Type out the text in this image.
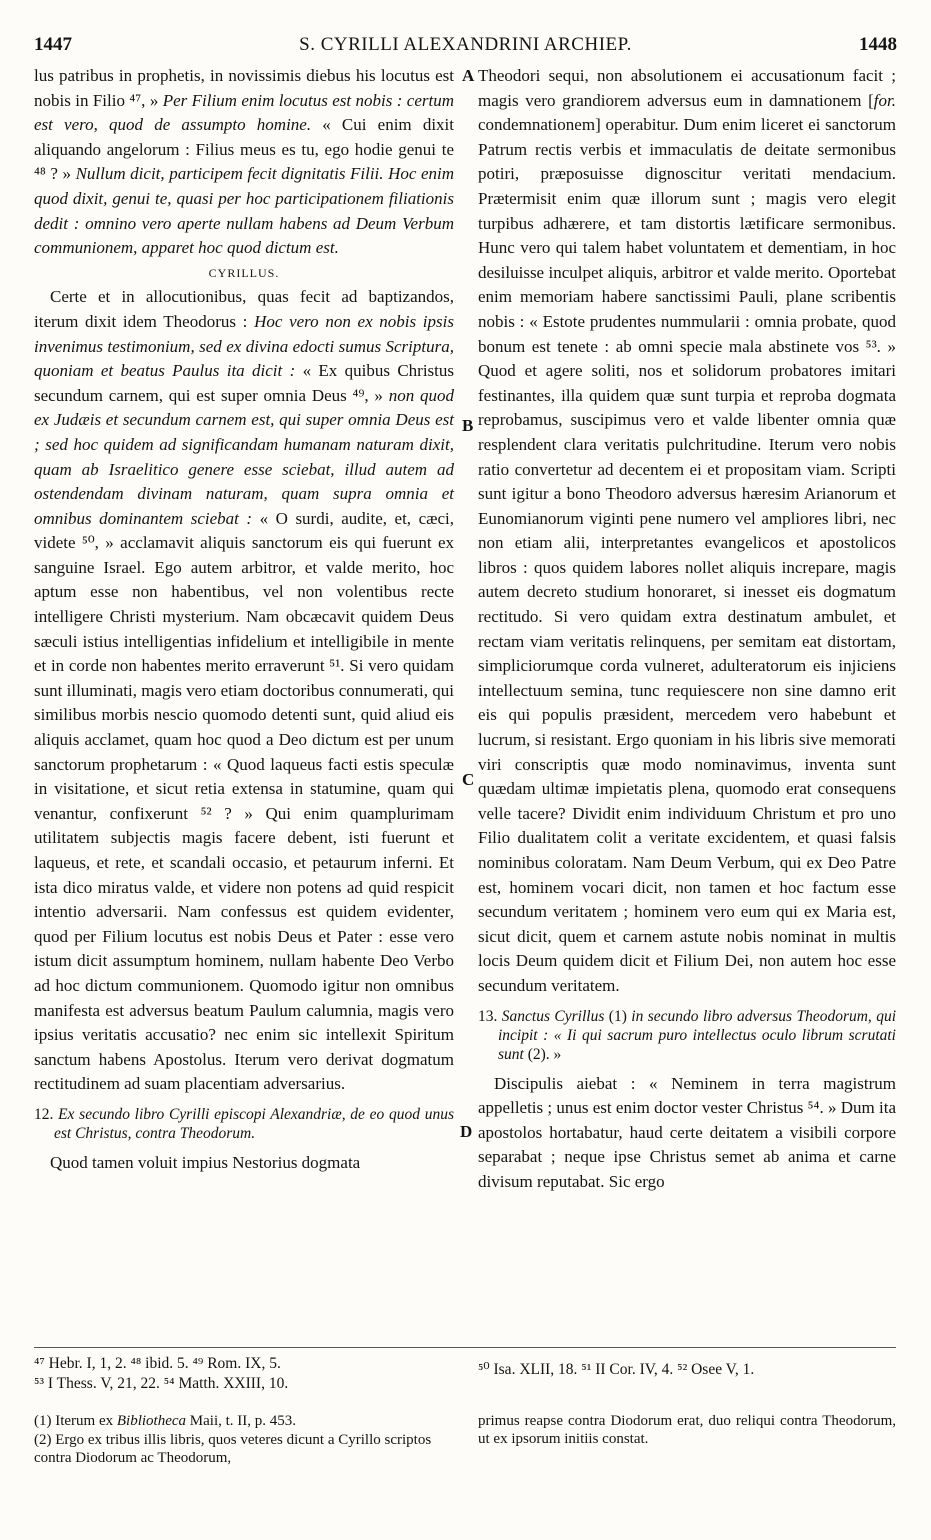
1447	S. CYRILLI ALEXANDRINI ARCHIEP.	1448

lus patribus in prophetis, in novissimis diebus his locutus est nobis in Filio ⁴⁷, » Per Filium enim locutus est nobis : certum est vero, quod de assumpto homine. « Cui enim dixit aliquando angelorum : Filius meus es tu, ego hodie genui te ⁴⁸ ? » Nullum dicit, participem fecit dignitatis Filii. Hoc enim quod dixit, genui te, quasi per hoc participationem filiationis dedit : omnino vero aperte nullam habens ad Deum Verbum communionem, apparet hoc quod dictum est.

CYRILLUS.

Certe et in allocutionibus, quas fecit ad baptizandos, iterum dixit idem Theodorus : Hoc vero non ex nobis ipsis invenimus testimonium, sed ex divina edocti sumus Scriptura, quoniam et beatus Paulus ita dicit : « Ex quibus Christus secundum carnem, qui est super omnia Deus ⁴⁹, » non quod ex Judæis et secundum carnem est, qui super omnia Deus est ; sed hoc quidem ad significandam humanam naturam dixit, quam ab Israelitico genere esse sciebat, illud autem ad ostendendam divinam naturam, quam supra omnia et omnibus dominantem sciebat : « O surdi, audite, et, cæci, videte ⁵⁰, » acclamavit aliquis sanctorum eis qui fuerunt ex sanguine Israel. Ego autem arbitror, et valde merito, hoc aptum esse non habentibus, vel non volentibus recte intelligere Christi mysterium. Nam obcæcavit quidem Deus sæculi istius intelligentias infidelium et intelligibile in mente et in corde non habentes merito erraverunt ⁵¹. Si vero quidam sunt illuminati, magis vero etiam doctoribus connumerati, qui similibus morbis nescio quomodo detenti sunt, quid aliud eis aliquis acclamet, quam hoc quod a Deo dictum est per unum sanctorum prophetarum : « Quod laqueus facti estis speculæ in visitatione, et sicut retia extensa in statumine, quam qui venantur, confixerunt ⁵² ? » Qui enim quamplurimam utilitatem subjectis magis facere debent, isti fuerunt et laqueus, et rete, et scandali occasio, et petaurum inferni. Et ista dico miratus valde, et videre non potens ad quid respicit intentio adversarii. Nam confessus est quidem evidenter, quod per Filium locutus est nobis Deus et Pater : esse vero istum dicit assumptum hominem, nullam habente Deo Verbo ad hoc dictum communionem. Quomodo igitur non omnibus manifesta est adversus beatum Paulum calumnia, magis vero ipsius veritatis accusatio? nec enim sic intellexit Spiritum sanctum habens Apostolus. Iterum vero derivat dogmatum rectitudinem ad suam placentiam adversarius.

12. Ex secundo libro Cyrilli episcopi Alexandriæ, de eo quod unus est Christus, contra Theodorum.

Quod tamen voluit impius Nestorius dogmata

Theodori sequi, non absolutionem ei accusationum facit ; magis vero grandiorem adversus eum in damnationem [for. condemnationem] operabitur. Dum enim liceret ei sanctorum Patrum rectis verbis et immaculatis de deitate sermonibus potiri, præposuisse dignoscitur veritati mendacium. Prætermisit enim quæ illorum sunt ; magis vero elegit turpibus adhærere, et tam distortis lætificare sermonibus. Hunc vero qui talem habet voluntatem et dementiam, in hoc desiluisse inculpet aliquis, arbitror et valde merito. Oportebat enim memoriam habere sanctissimi Pauli, plane scribentis nobis : « Estote prudentes nummularii : omnia probate, quod bonum est tenete : ab omni specie mala abstinete vos ⁵³. » Quod et agere soliti, nos et solidorum probatores imitari festinantes, illa quidem quæ sunt turpia et reproba dogmata reprobamus, suscipimus vero et valde libenter omnia quæ resplendent clara veritatis pulchritudine. Iterum vero nobis ratio convertetur ad decentem ei et propositam viam. Scripti sunt igitur a bono Theodoro adversus hæresim Arianorum et Eunomianorum viginti pene numero vel ampliores libri, nec non etiam alii, interpretantes evangelicos et apostolicos libros : quos quidem labores nollet aliquis increpare, magis autem decreto studium honoraret, si inesset eis dogmatum rectitudo. Si vero quidam extra destinatum ambulet, et rectam viam veritatis relinquens, per semitam eat distortam, simpliciorumque corda vulneret, adulteratorum eis injiciens intellectuum semina, tunc requiescere non sine damno erit eis qui populis præsident, mercedem vero habebunt et lucrum, si resistant. Ergo quoniam in his libris sive memorati viri conscriptis quæ modo nominavimus, inventa sunt quædam ultimæ impietatis plena, quomodo erat consequens velle tacere? Dividit enim individuum Christum et pro uno Filio dualitatem colit a veritate excidentem, et quasi falsis nominibus coloratam. Nam Deum Verbum, qui ex Deo Patre est, hominem vocari dicit, non tamen et hoc factum esse secundum veritatem ; hominem vero eum qui ex Maria est, sicut dicit, quem et carnem astute nobis nominat in multis locis Deum quidem dicit et Filium Dei, non autem hoc esse secundum veritatem.

13. Sanctus Cyrillus (1) in secundo libro adversus Theodorum, qui incipit : « Ii qui sacrum puro intellectus oculo librum scrutati sunt (2). »

Discipulis aiebat : « Neminem in terra magistrum appelletis ; unus est enim doctor vester Christus ⁵⁴. » Dum ita apostolos hortabatur, haud certe deitatem a visibili corpore separabat ; neque ipse Christus semet ab anima et carne divisum reputabat. Sic ergo

A
B
C
D
⁴⁷ Hebr. I, 1, 2. ⁴⁸ ibid. 5. ⁴⁹ Rom. IX, 5.
⁵³ I Thess. V, 21, 22. ⁵⁴ Matth. XXIII, 10.
⁵⁰ Isa. XLII, 18. ⁵¹ II Cor. IV, 4. ⁵² Osee V, 1.
(1) Iterum ex Bibliotheca Maii, t. II, p. 453.
(2) Ergo ex tribus illis libris, quos veteres dicunt a Cyrillo scriptos contra Diodorum ac Theodorum,
primus reapse contra Diodorum erat, duo reliqui contra Theodorum, ut ex ipsorum initiis constat.
